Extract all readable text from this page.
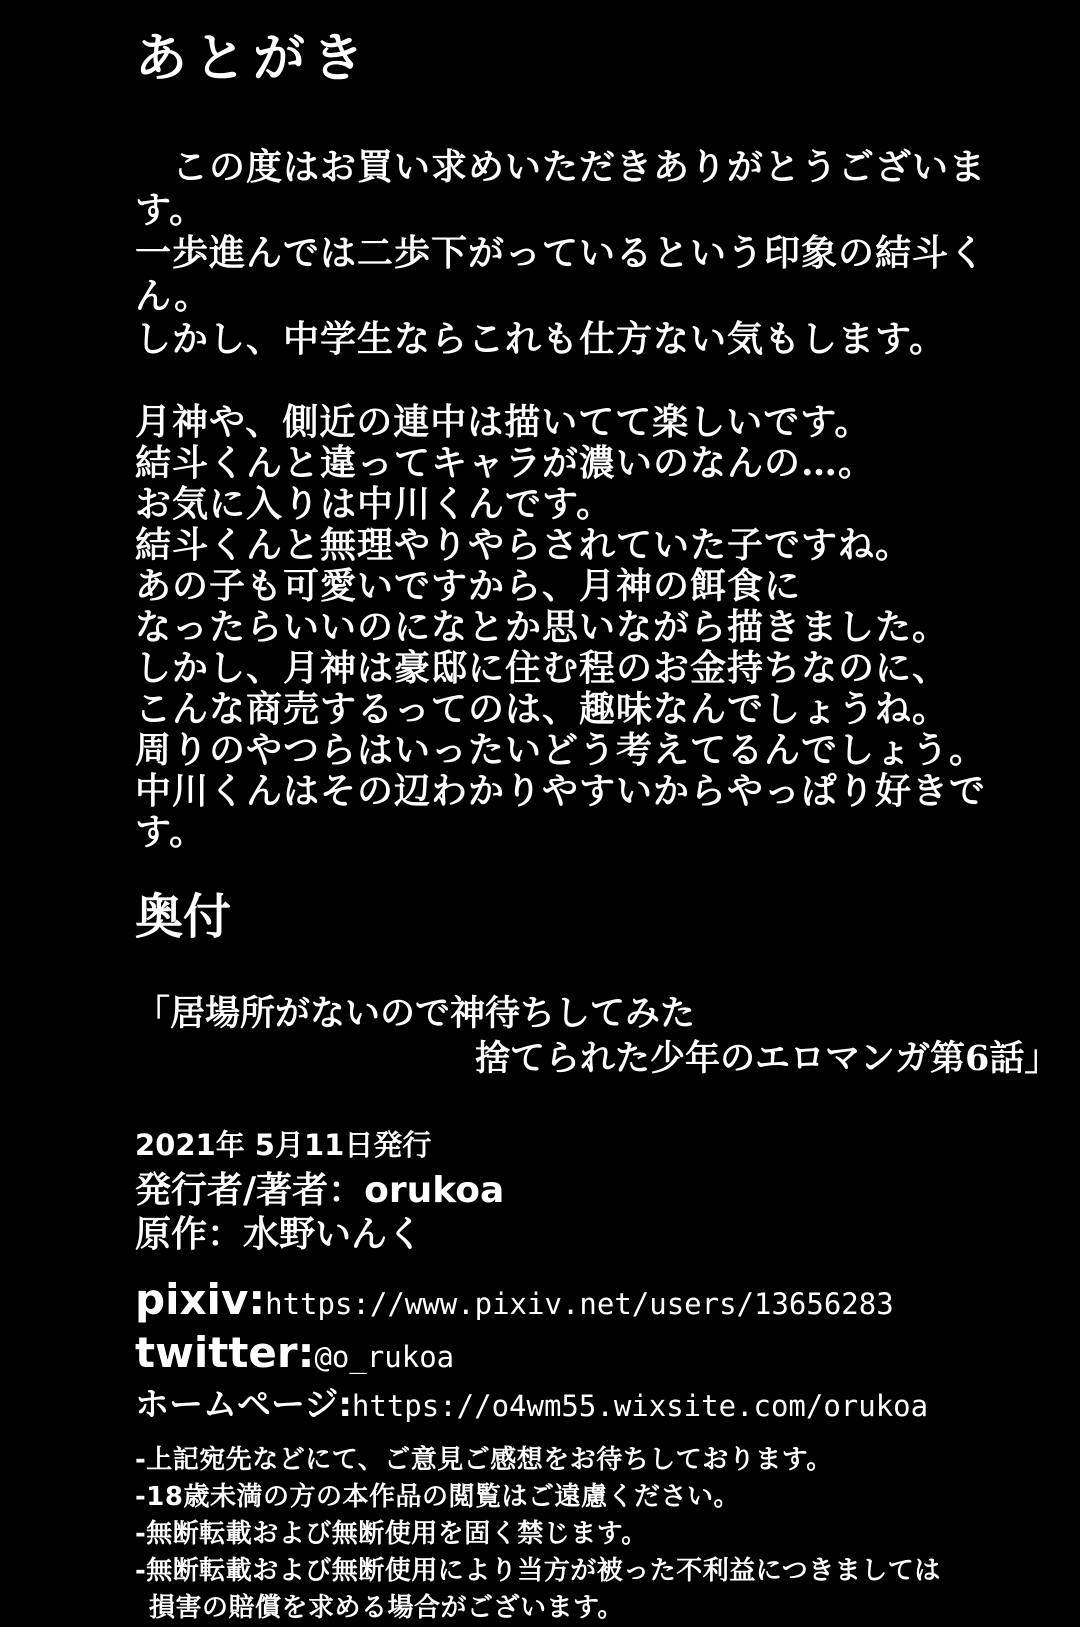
あとがき
　この度はお買い求めいただきありがとうございます。
一歩進んでは二歩下がっているという印象の結斗くん。
しかし、中学生ならこれも仕方ない気もします。
月神や、側近の連中は描いてて楽しいです。
結斗くんと違ってキャラが濃いのなんの…。
お気に入りは中川くんです。
結斗くんと無理やりやらされていた子ですね。
あの子も可愛いですから、月神の餌食に
なったらいいのになとか思いながら描きました。
しかし、月神は豪邸に住む程のお金持ちなのに、
こんな商売するってのは、趣味なんでしょうね。
周りのやつらはいったいどう考えてるんでしょう。
中川くんはその辺わかりやすいからやっぱり好きです。
奥付
「居場所がないので神待ちしてみた
捨てられた少年のエロマンガ第6話」
2021年 5月11日発行
発行者/著者：orukoa
原作：水野いんく
pixiv: https://www.pixiv.net/users/13656283
twitter: @o_rukoa
ホームページ: https://o4wm55.wixsite.com/orukoa
-上記宛先などにて、ご意見ご感想をお待ちしております。
-18歳未満の方の本作品の閲覧はご遠慮ください。
-無断転載および無断使用を固く禁じます。
-無断転載および無断使用により当方が被った不利益につきましては
損害の賠償を求める場合がございます。
